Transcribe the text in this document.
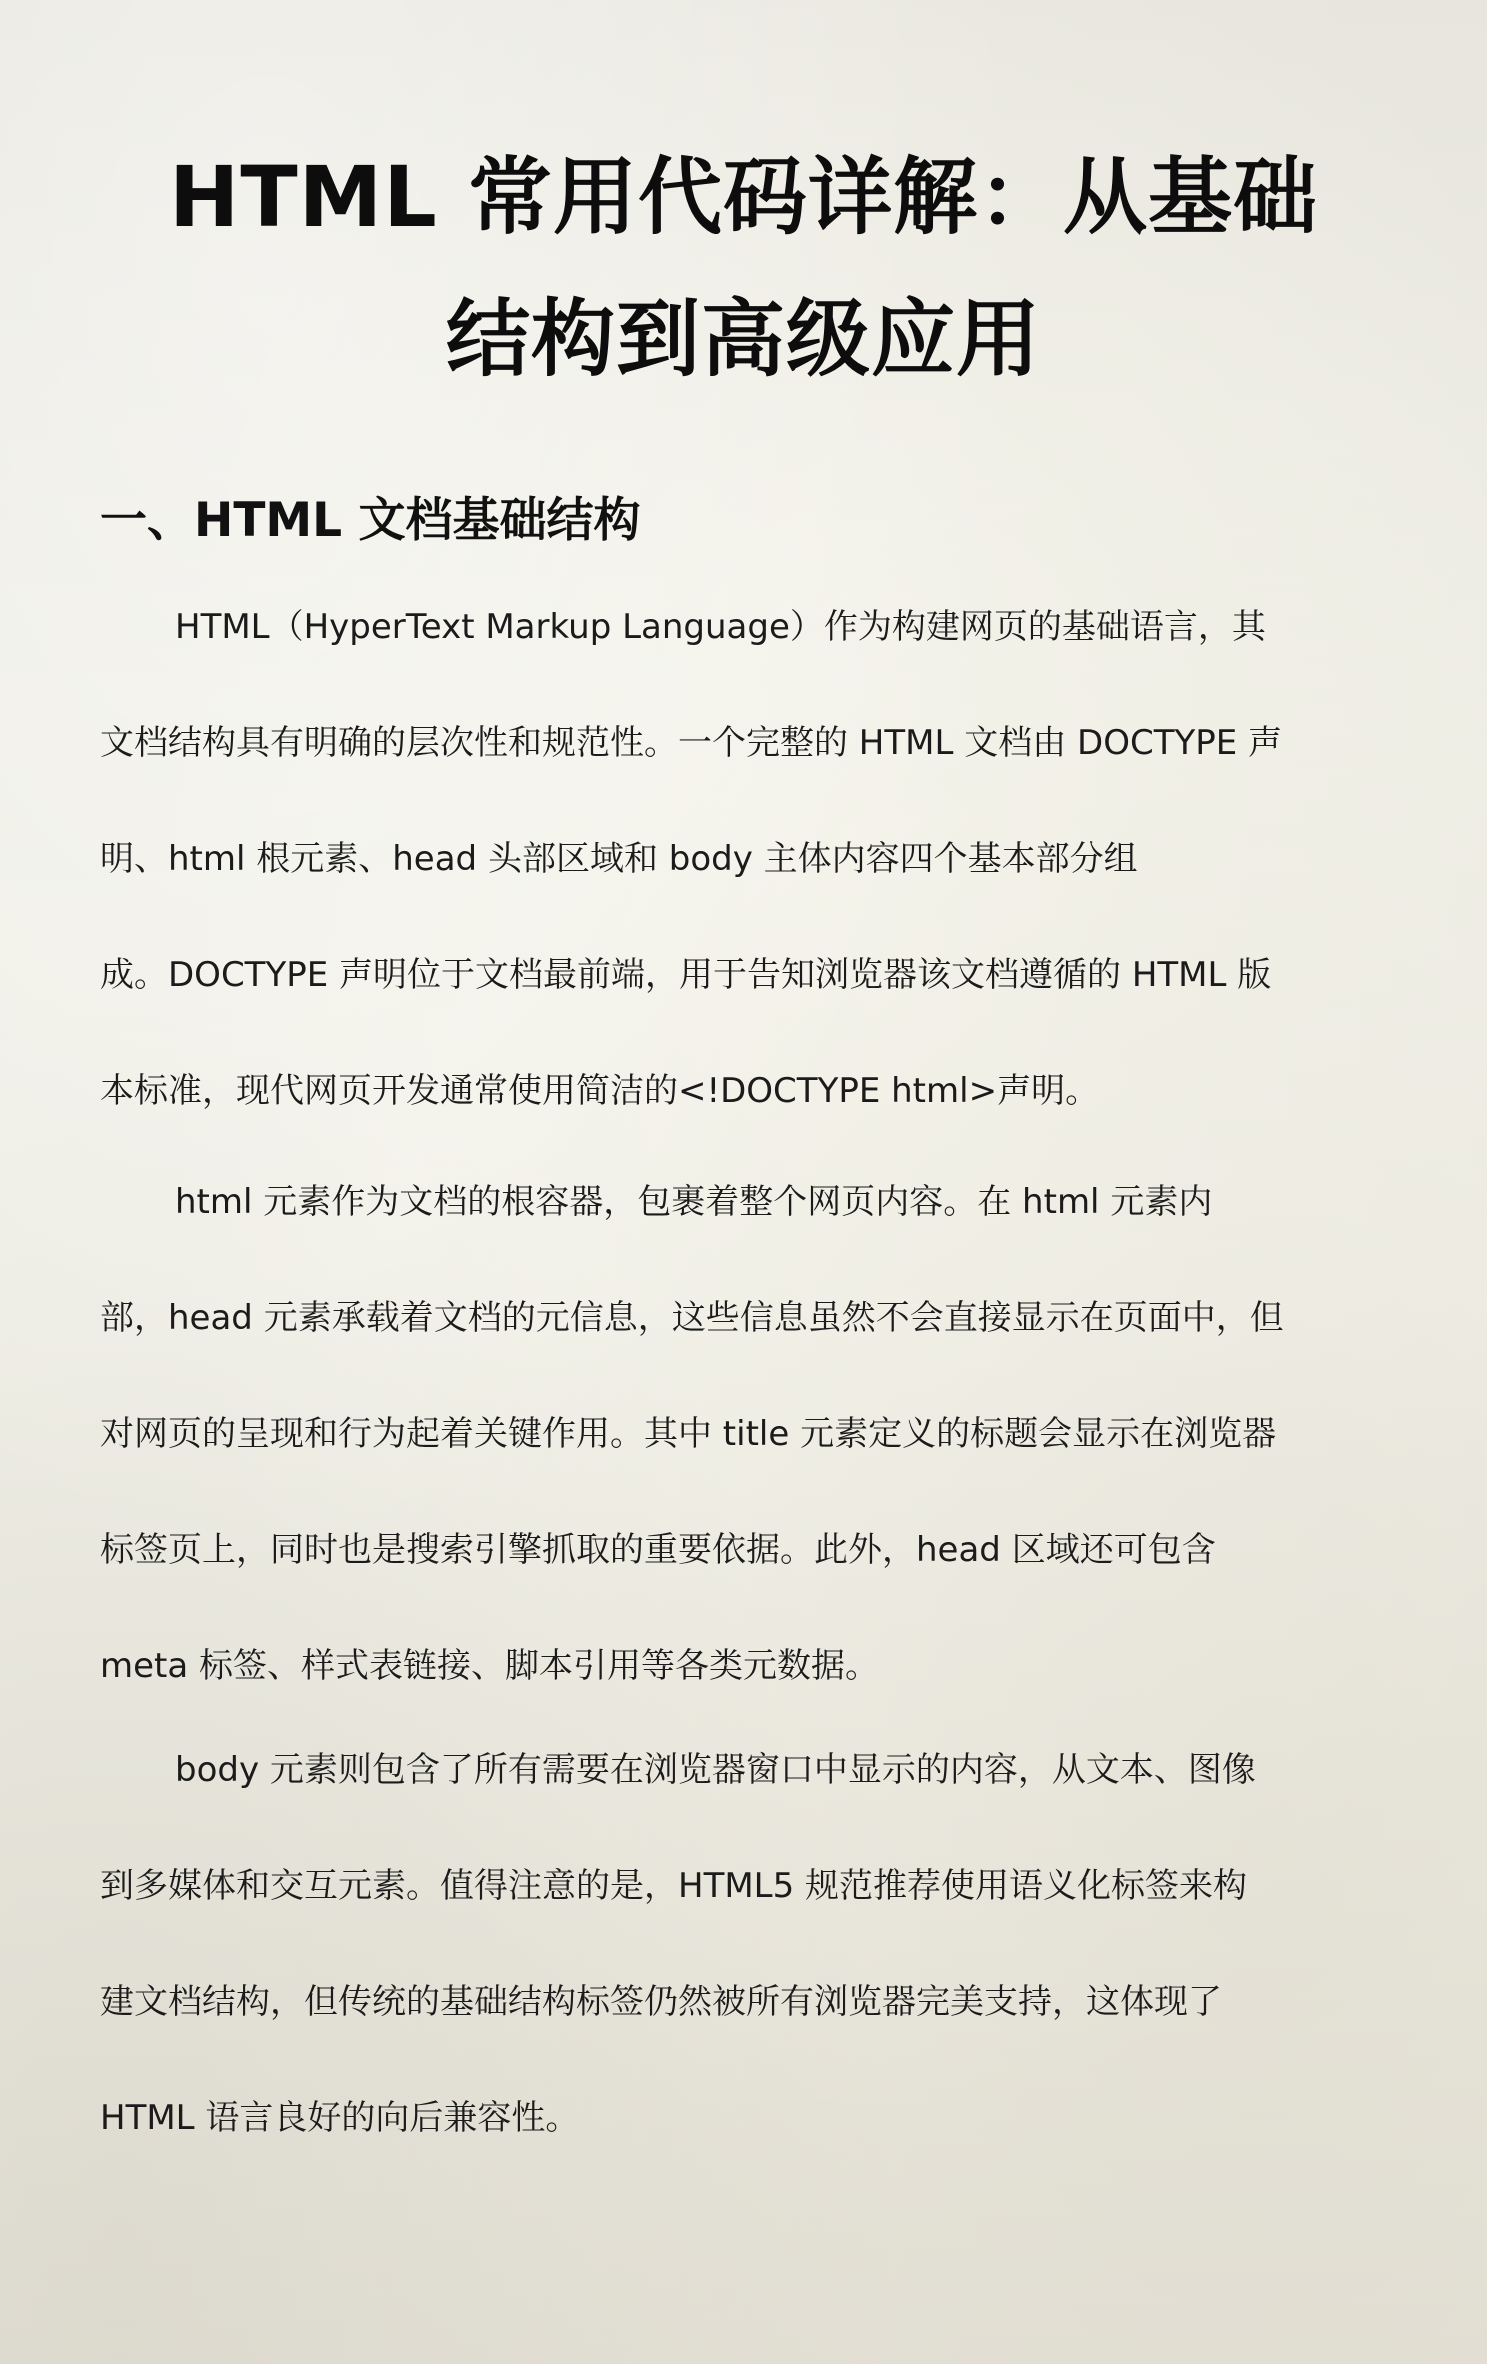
HTML 常用代码详解：从基础
结构到高级应用
一、HTML 文档基础结构

HTML（HyperText Markup Language）作为构建网页的基础语言，其

文档结构具有明确的层次性和规范性。一个完整的 HTML 文档由 DOCTYPE 声

明、html 根元素、head 头部区域和 body 主体内容四个基本部分组

成。DOCTYPE 声明位于文档最前端，用于告知浏览器该文档遵循的 HTML 版

本标准，现代网页开发通常使用简洁的<!DOCTYPE html>声明。

html 元素作为文档的根容器，包裹着整个网页内容。在 html 元素内

部，head 元素承载着文档的元信息，这些信息虽然不会直接显示在页面中，但

对网页的呈现和行为起着关键作用。其中 title 元素定义的标题会显示在浏览器

标签页上，同时也是搜索引擎抓取的重要依据。此外，head 区域还可包含

meta 标签、样式表链接、脚本引用等各类元数据。

body 元素则包含了所有需要在浏览器窗口中显示的内容，从文本、图像

到多媒体和交互元素。值得注意的是，HTML5 规范推荐使用语义化标签来构

建文档结构，但传统的基础结构标签仍然被所有浏览器完美支持，这体现了

HTML 语言良好的向后兼容性。
